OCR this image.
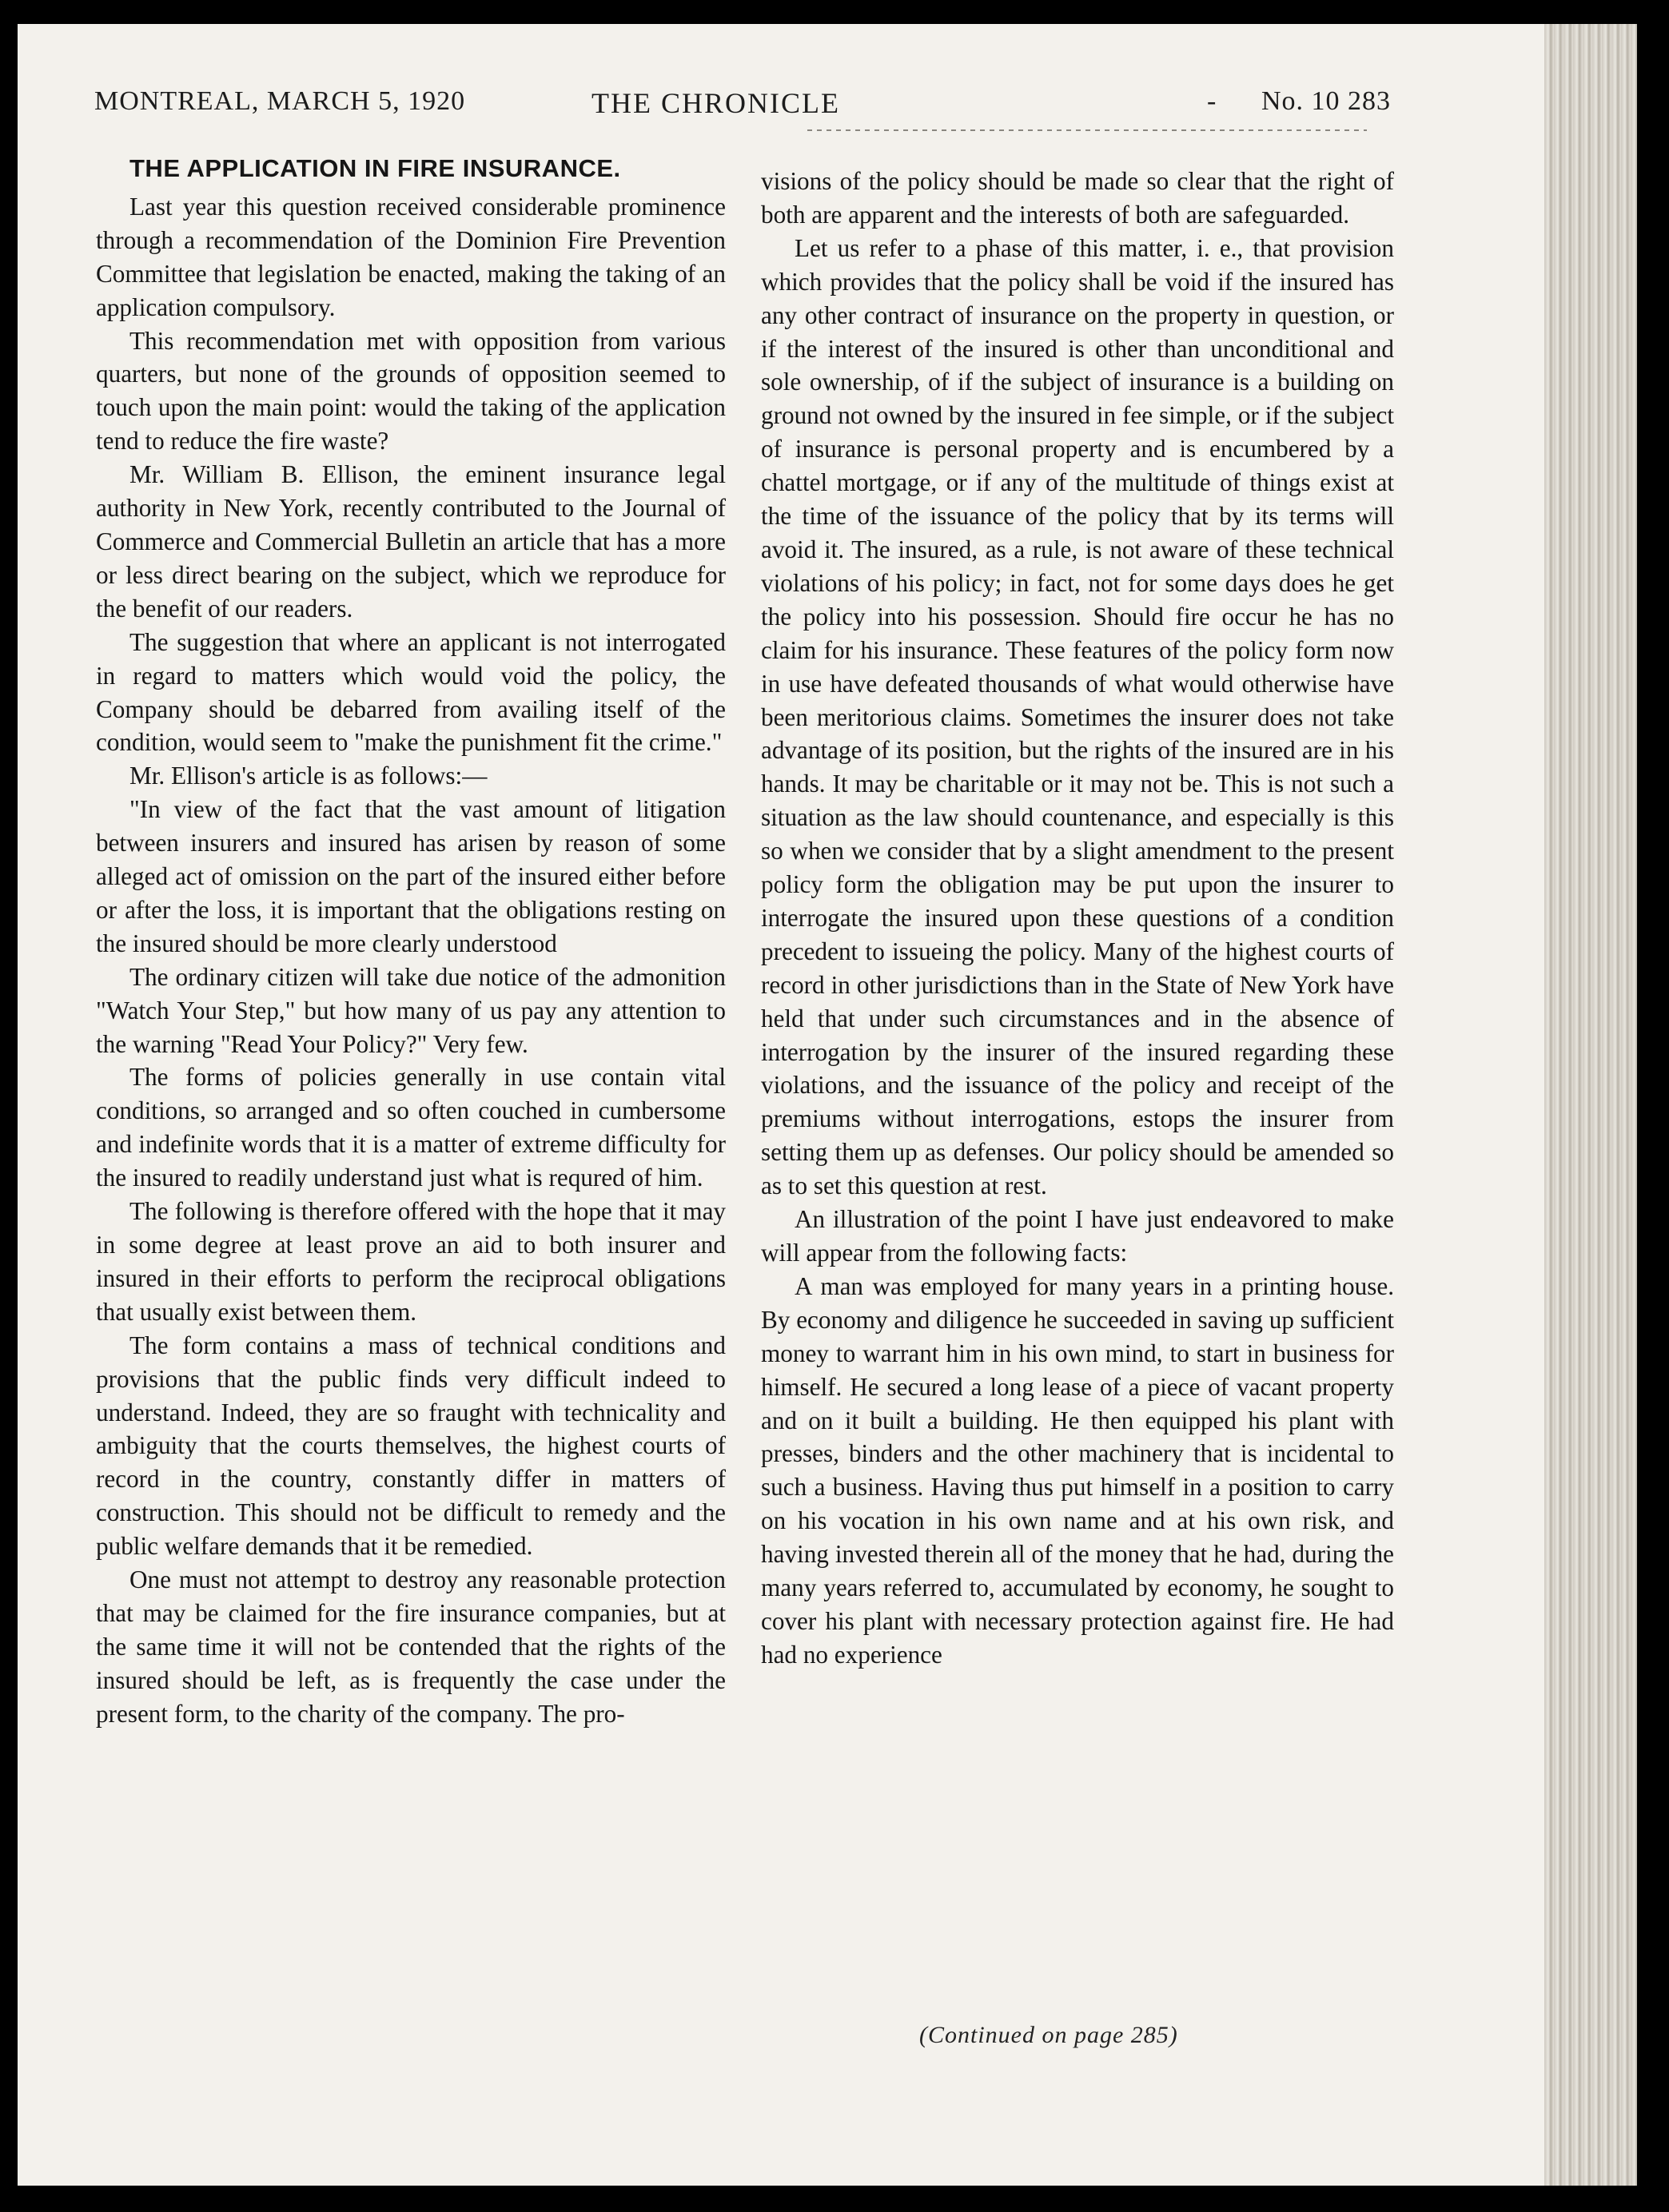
MONTREAL, MARCH 5, 1920	THE CHRONICLE	- No. 10 283
THE APPLICATION IN FIRE INSURANCE.

Last year this question received considerable prominence through a recommendation of the Dominion Fire Prevention Committee that legislation be enacted, making the taking of an application compulsory.

This recommendation met with opposition from various quarters, but none of the grounds of opposition seemed to touch upon the main point: would the taking of the application tend to reduce the fire waste?

Mr. William B. Ellison, the eminent insurance legal authority in New York, recently contributed to the Journal of Commerce and Commercial Bulletin an article that has a more or less direct bearing on the subject, which we reproduce for the benefit of our readers.

The suggestion that where an applicant is not interrogated in regard to matters which would void the policy, the Company should be debarred from availing itself of the condition, would seem to "make the punishment fit the crime."

Mr. Ellison's article is as follows:—

"In view of the fact that the vast amount of litigation between insurers and insured has arisen by reason of some alleged act of omission on the part of the insured either before or after the loss, it is important that the obligations resting on the insured should be more clearly understood

The ordinary citizen will take due notice of the admonition "Watch Your Step," but how many of us pay any attention to the warning "Read Your Policy?" Very few.

The forms of policies generally in use contain vital conditions, so arranged and so often couched in cumbersome and indefinite words that it is a matter of extreme difficulty for the insured to readily understand just what is requred of him.

The following is therefore offered with the hope that it may in some degree at least prove an aid to both insurer and insured in their efforts to perform the reciprocal obligations that usually exist between them.

The form contains a mass of technical conditions and provisions that the public finds very difficult indeed to understand. Indeed, they are so fraught with technicality and ambiguity that the courts themselves, the highest courts of record in the country, constantly differ in matters of construction. This should not be difficult to remedy and the public welfare demands that it be remedied.

One must not attempt to destroy any reasonable protection that may be claimed for the fire insurance companies, but at the same time it will not be contended that the rights of the insured should be left, as is frequently the case under the present form, to the charity of the company. The pro-

visions of the policy should be made so clear that the right of both are apparent and the interests of both are safeguarded.

Let us refer to a phase of this matter, i. e., that provision which provides that the policy shall be void if the insured has any other contract of insurance on the property in question, or if the interest of the insured is other than unconditional and sole ownership, of if the subject of insurance is a building on ground not owned by the insured in fee simple, or if the subject of insurance is personal property and is encumbered by a chattel mortgage, or if any of the multitude of things exist at the time of the issuance of the policy that by its terms will avoid it. The insured, as a rule, is not aware of these technical violations of his policy; in fact, not for some days does he get the policy into his possession. Should fire occur he has no claim for his insurance. These features of the policy form now in use have defeated thousands of what would otherwise have been meritorious claims. Sometimes the insurer does not take advantage of its position, but the rights of the insured are in his hands. It may be charitable or it may not be. This is not such a situation as the law should countenance, and especially is this so when we consider that by a slight amendment to the present policy form the obligation may be put upon the insurer to interrogate the insured upon these questions of a condition precedent to issueing the policy. Many of the highest courts of record in other jurisdictions than in the State of New York have held that under such circumstances and in the absence of interrogation by the insurer of the insured regarding these violations, and the issuance of the policy and receipt of the premiums without interrogations, estops the insurer from setting them up as defenses. Our policy should be amended so as to set this question at rest.

An illustration of the point I have just endeavored to make will appear from the following facts:

A man was employed for many years in a printing house. By economy and diligence he succeeded in saving up sufficient money to warrant him in his own mind, to start in business for himself. He secured a long lease of a piece of vacant property and on it built a building. He then equipped his plant with presses, binders and the other machinery that is incidental to such a business. Having thus put himself in a position to carry on his vocation in his own name and at his own risk, and having invested therein all of the money that he had, during the many years referred to, accumulated by economy, he sought to cover his plant with necessary protection against fire. He had had no experience

(Continued on page 285)
